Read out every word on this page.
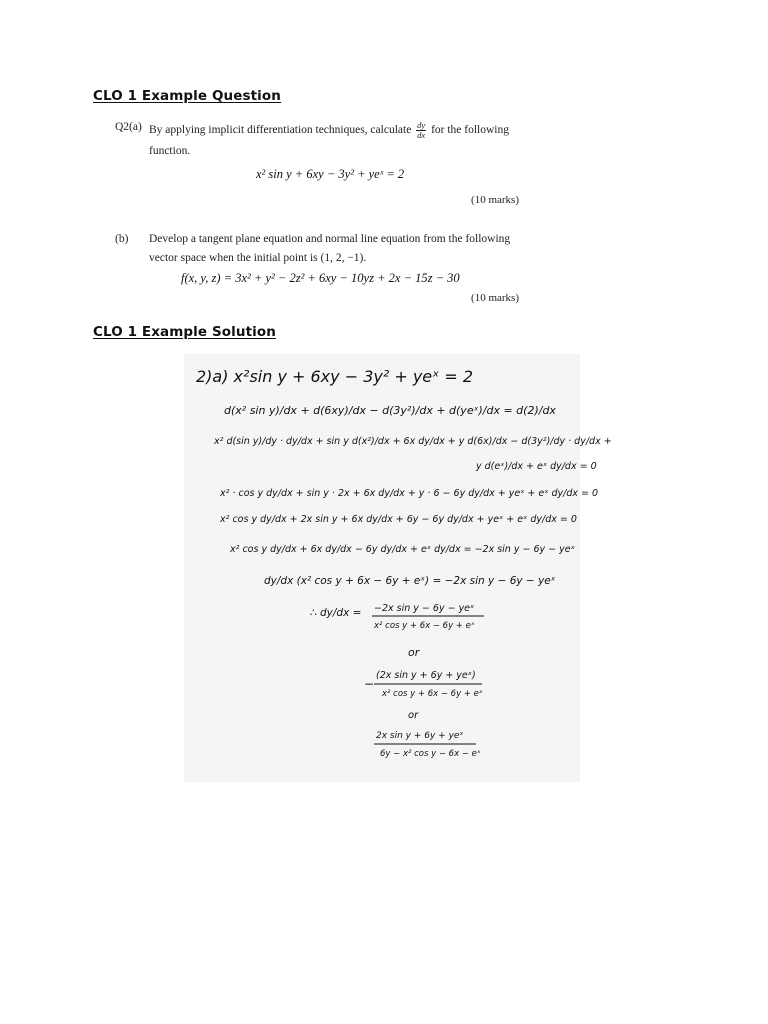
CLO 1 Example Question
Q2(a) By applying implicit differentiation techniques, calculate $\frac{dy}{dx}$ for the following
function.
x² sin y + 6xy − 3y² + yeˣ = 2
(10 marks)
(b) Develop a tangent plane equation and normal line equation from the following
vector space when the initial point is (1, 2, −1).
f(x, y, z) = 3x² + y² − 2z² + 6xy − 10yz + 2x − 15z − 30
(10 marks)
CLO 1 Example Solution
2)a) x²sin y + 6xy − 3y² + yeˣ = 2
d(x² sin y)/dx + d(6xy)/dx − d(3y²)/dx + d(yeˣ)/dx = d(2)/dx
x² d(sin y)/dy · dy/dx + sin y d(x²)/dx + 6x dy/dx + y d(6x)/dx − d(3y²)/dy · dy/dx +
y d(eˣ)/dx + eˣ dy/dx = 0
x² · cos y dy/dx + sin y · 2x + 6x dy/dx + y · 6 − 6y dy/dx + yeˣ + eˣ dy/dx = 0
x² cos y dy/dx + 2x sin y + 6x dy/dx + 6y − 6y dy/dx + yeˣ + eˣ dy/dx = 0
x² cos y dy/dx + 6x dy/dx − 6y dy/dx + eˣ dy/dx = −2x sin y − 6y − yeˣ
dy/dx (x² cos y + 6x − 6y + eˣ) = −2x sin y − 6y − yeˣ
∴ dy/dx = −2x sin y − 6y − yeˣ
x² cos y + 6x − 6y + eˣ
or
−
(2x sin y + 6y + yeˣ)
x² cos y + 6x − 6y + eˣ
or
2x sin y + 6y + yeˣ
6y − x² cos y − 6x − eˣ
